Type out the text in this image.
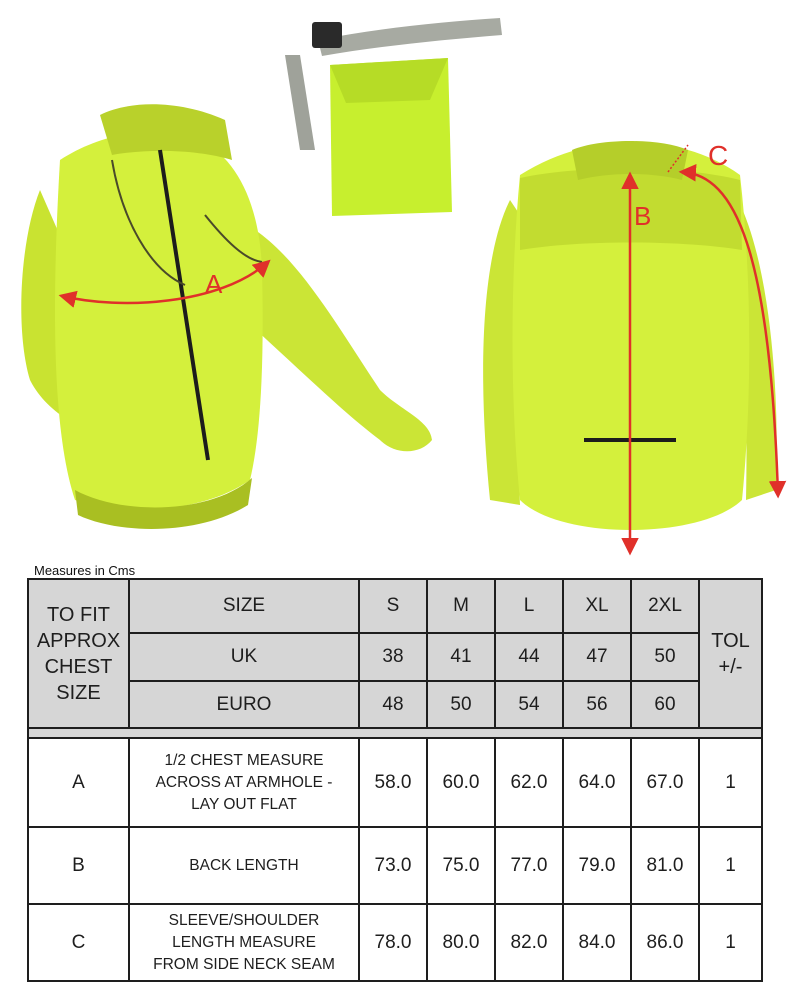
A
B
C
Measures in Cms
TO FIT
APPROX
CHEST
SIZE	SIZE	S	M	L	XL	2XL	TOL
+/-

	UK	38	41	44	47	50	
	EURO	48	50	54	56	60	

A	1/2 CHEST MEASURE
ACROSS AT ARMHOLE -
LAY OUT FLAT	58.0	60.0	62.0	64.0	67.0	1
B	BACK LENGTH	73.0	75.0	77.0	79.0	81.0	1
C	SLEEVE/SHOULDER
LENGTH MEASURE
FROM SIDE NECK SEAM	78.0	80.0	82.0	84.0	86.0	1
